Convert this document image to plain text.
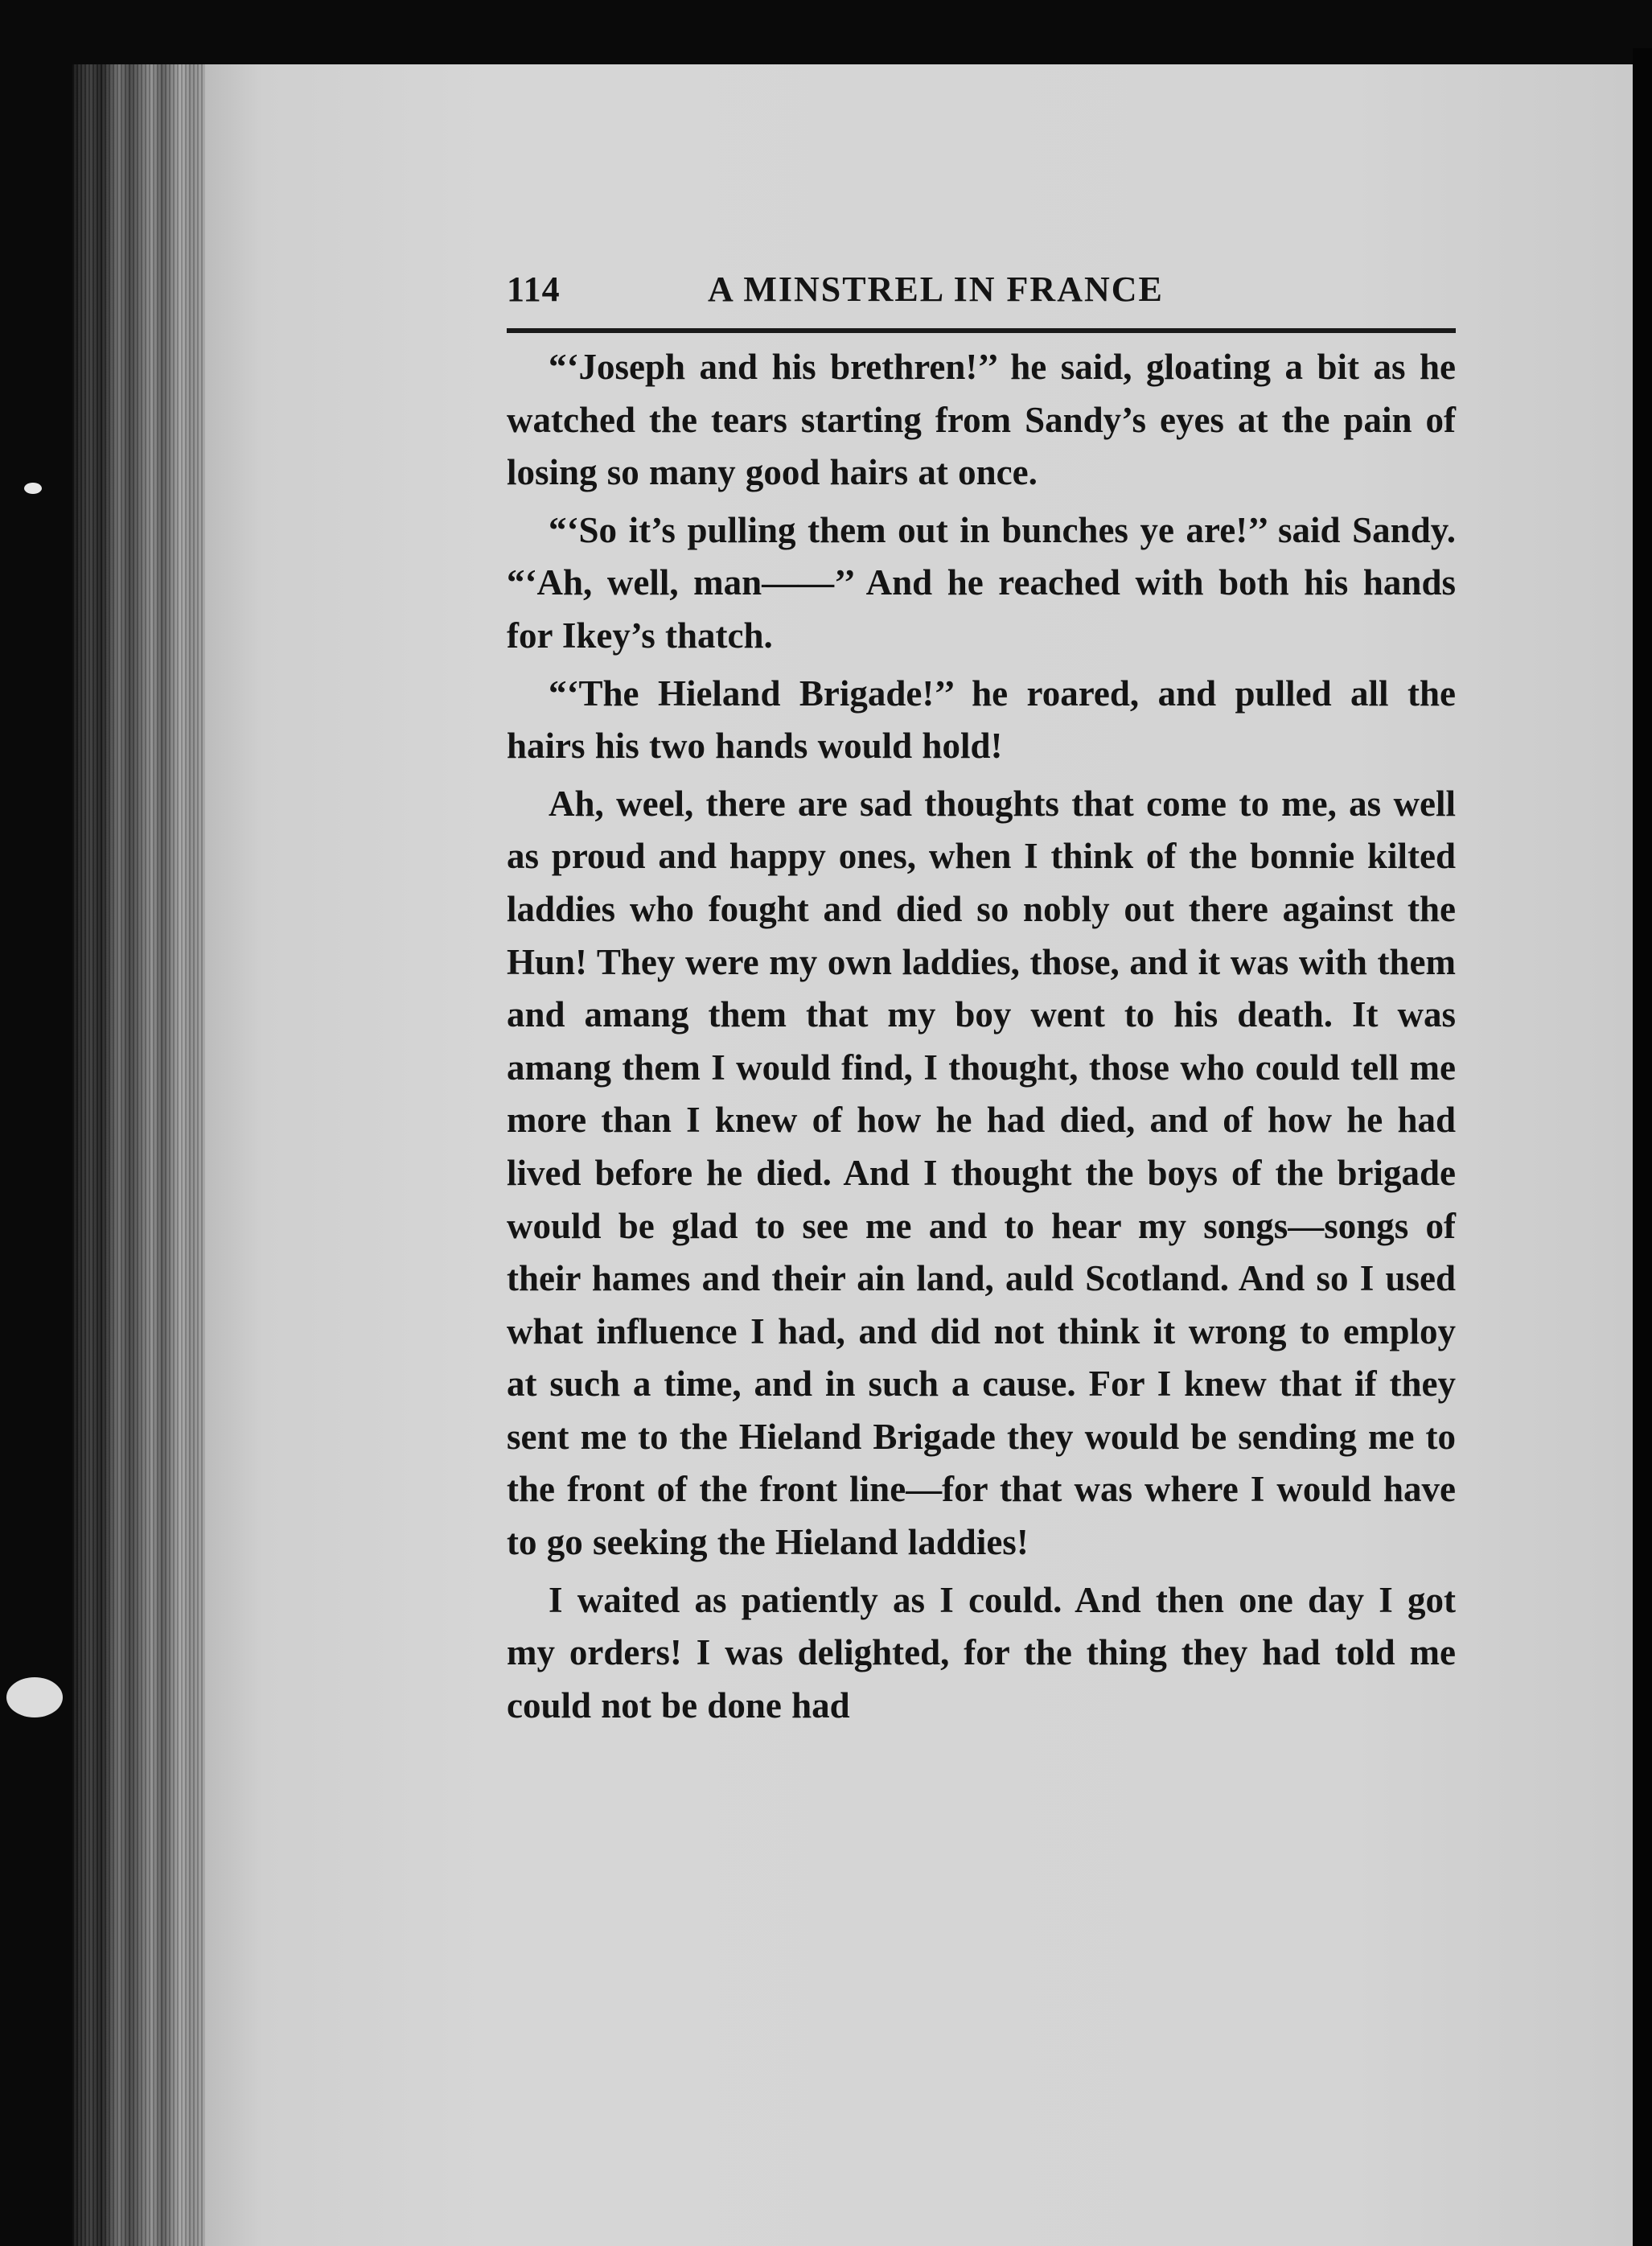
114	A MINSTREL IN FRANCE

“‘Joseph and his brethren!’’ he said, gloating a bit as he watched the tears starting from Sandy’s eyes at the pain of losing so many good hairs at once.

“‘So it’s pulling them out in bunches ye are!’’ said Sandy. “‘Ah, well, man——’’ And he reached with both his hands for Ikey’s thatch.

“‘The Hieland Brigade!’’ he roared, and pulled all the hairs his two hands would hold!

Ah, weel, there are sad thoughts that come to me, as well as proud and happy ones, when I think of the bonnie kilted laddies who fought and died so nobly out there against the Hun! They were my own laddies, those, and it was with them and amang them that my boy went to his death. It was amang them I would find, I thought, those who could tell me more than I knew of how he had died, and of how he had lived before he died. And I thought the boys of the brigade would be glad to see me and to hear my songs—songs of their hames and their ain land, auld Scotland. And so I used what influence I had, and did not think it wrong to employ at such a time, and in such a cause. For I knew that if they sent me to the Hieland Brigade they would be sending me to the front of the front line—for that was where I would have to go seeking the Hieland laddies!

I waited as patiently as I could. And then one day I got my orders! I was delighted, for the thing they had told me could not be done had
